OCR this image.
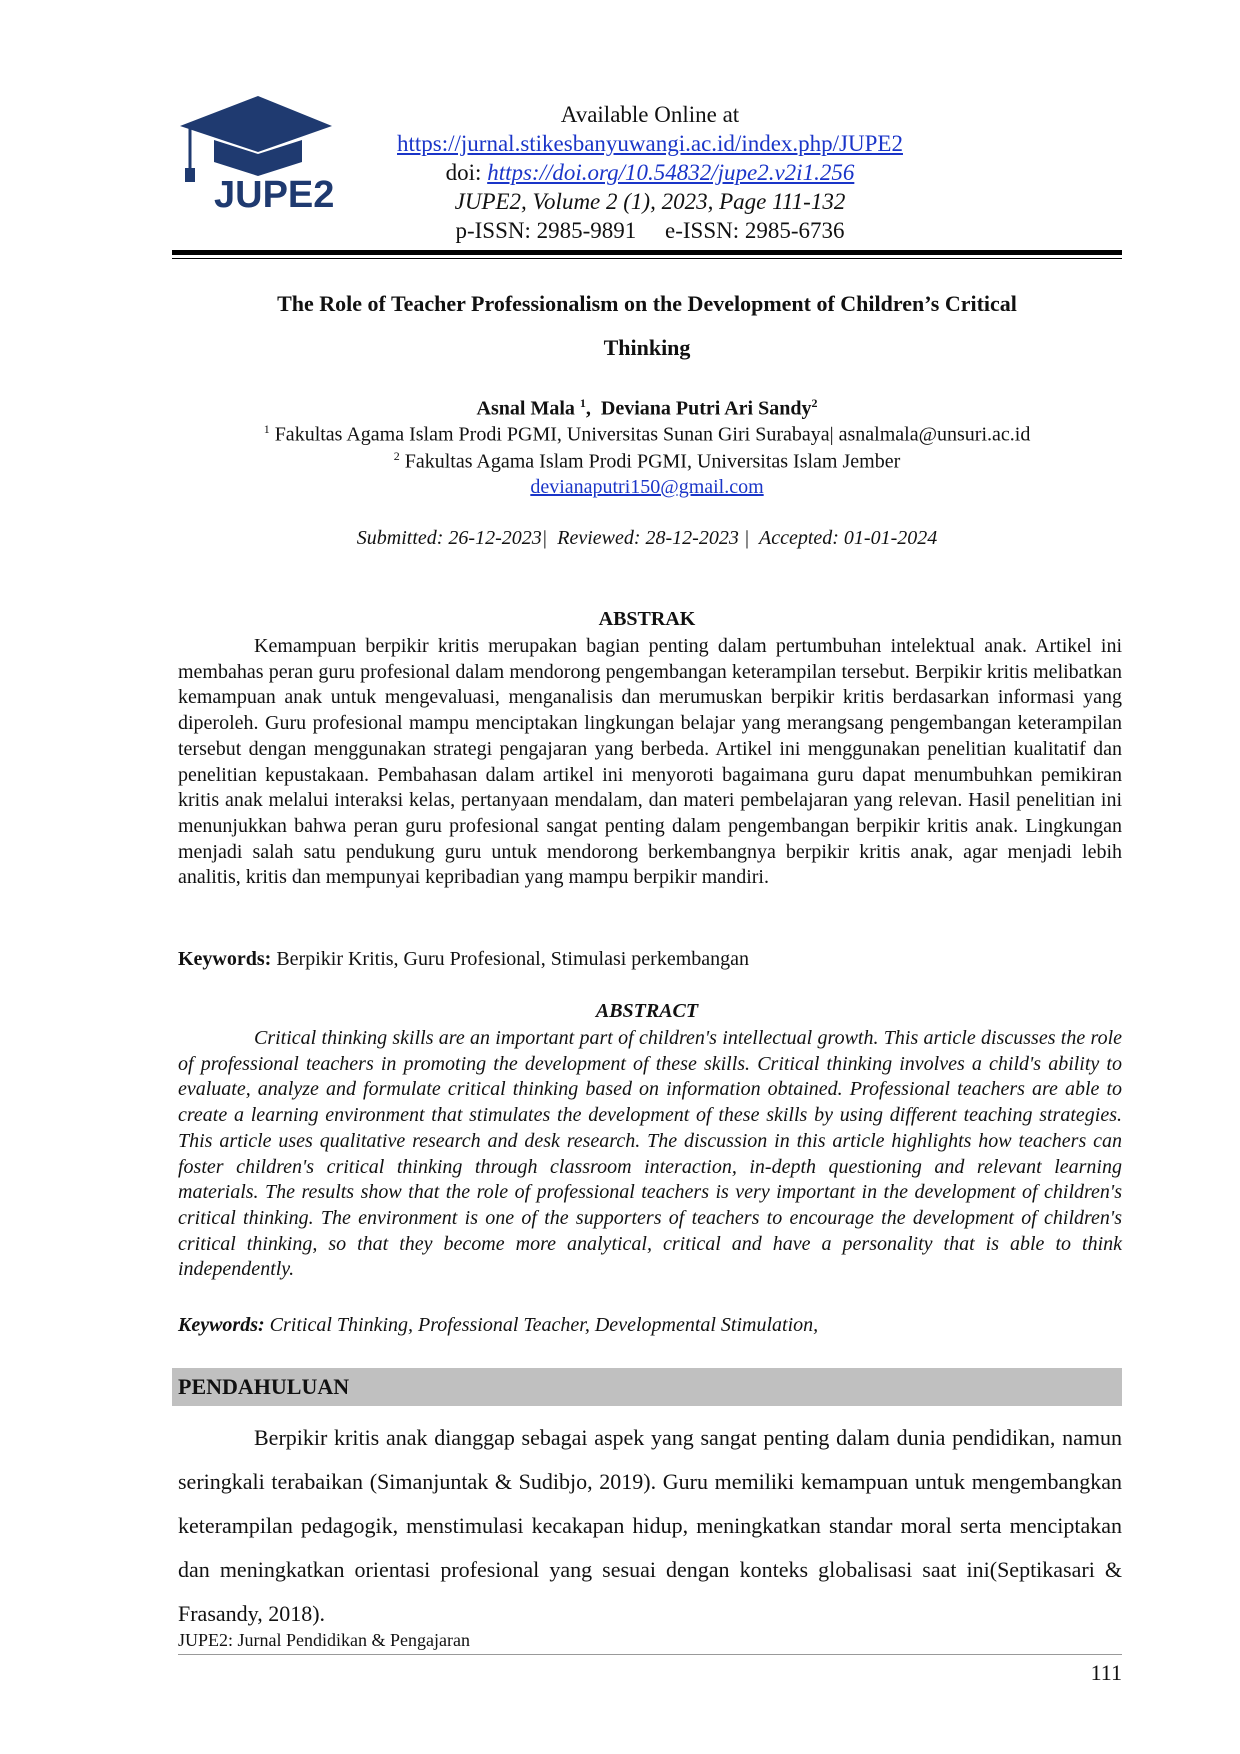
JUPE2
Available Online at
https://jurnal.stikesbanyuwangi.ac.id/index.php/JUPE2
doi: https://doi.org/10.54832/jupe2.v2i1.256
JUPE2, Volume 2 (1), 2023, Page 111-132
p-ISSN: 2985-9891     e-ISSN: 2985-6736
The Role of Teacher Professionalism on the Development of Children’s Critical
Thinking
Asnal Mala $^1$,  Deviana Putri Ari Sandy$^2$
$^1$ Fakultas Agama Islam Prodi PGMI, Universitas Sunan Giri Surabaya| asnalmala@unsuri.ac.id
$^2$ Fakultas Agama Islam Prodi PGMI, Universitas Islam Jember
devianaputri150@gmail.com
Submitted: 26-12-2023|  Reviewed: 28-12-2023 |  Accepted: 01-01-2024
ABSTRAK
Kemampuan berpikir kritis merupakan bagian penting dalam pertumbuhan intelektual anak. Artikel ini membahas peran guru profesional dalam mendorong pengembangan keterampilan tersebut. Berpikir kritis melibatkan kemampuan anak untuk mengevaluasi, menganalisis dan merumuskan berpikir kritis berdasarkan informasi yang diperoleh. Guru profesional mampu menciptakan lingkungan belajar yang merangsang pengembangan keterampilan tersebut dengan menggunakan strategi pengajaran yang berbeda. Artikel ini menggunakan penelitian kualitatif dan penelitian kepustakaan. Pembahasan dalam artikel ini menyoroti bagaimana guru dapat menumbuhkan pemikiran kritis anak melalui interaksi kelas, pertanyaan mendalam, dan materi pembelajaran yang relevan. Hasil penelitian ini menunjukkan bahwa peran guru profesional sangat penting dalam pengembangan berpikir kritis anak. Lingkungan menjadi salah satu pendukung guru untuk mendorong berkembangnya berpikir kritis anak, agar menjadi lebih analitis, kritis dan mempunyai kepribadian yang mampu berpikir mandiri.
Keywords: Berpikir Kritis, Guru Profesional, Stimulasi perkembangan
ABSTRACT
Critical thinking skills are an important part of children's intellectual growth. This article discusses the role of professional teachers in promoting the development of these skills. Critical thinking involves a child's ability to evaluate, analyze and formulate critical thinking based on information obtained. Professional teachers are able to create a learning environment that stimulates the development of these skills by using different teaching strategies. This article uses qualitative research and desk research. The discussion in this article highlights how teachers can foster children's critical thinking through classroom interaction, in-depth questioning and relevant learning materials. The results show that the role of professional teachers is very important in the development of children's critical thinking. The environment is one of the supporters of teachers to encourage the development of children's critical thinking, so that they become more analytical, critical and have a personality that is able to think independently.
Keywords: Critical Thinking, Professional Teacher, Developmental Stimulation,
PENDAHULUAN
Berpikir kritis anak dianggap sebagai aspek yang sangat penting dalam dunia pendidikan, namun seringkali terabaikan (Simanjuntak & Sudibjo, 2019). Guru memiliki kemampuan untuk mengembangkan keterampilan pedagogik, menstimulasi kecakapan hidup, meningkatkan standar moral serta menciptakan dan meningkatkan orientasi profesional yang sesuai dengan konteks globalisasi saat ini(Septikasari & Frasandy, 2018).
JUPE2: Jurnal Pendidikan & Pengajaran
111
